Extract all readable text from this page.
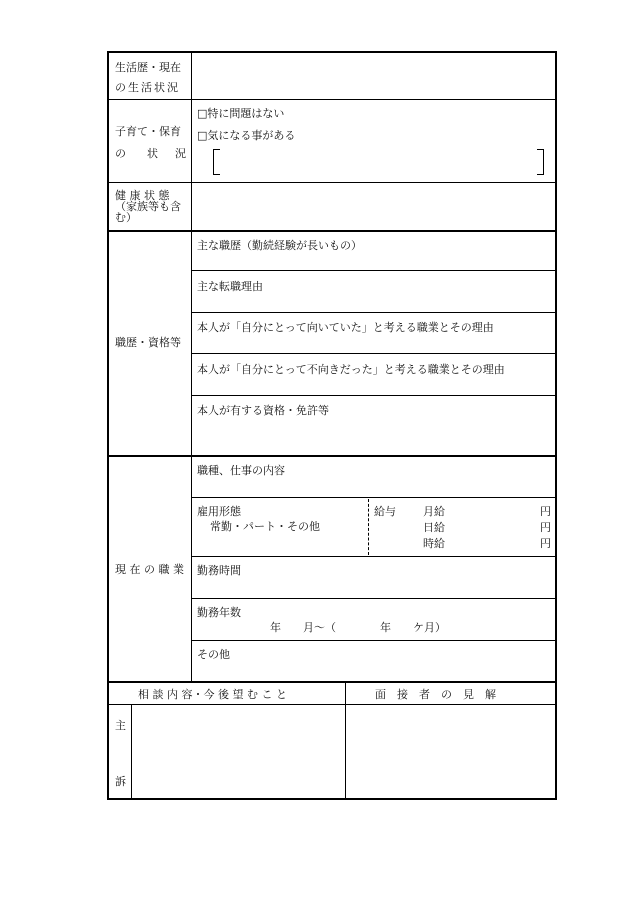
生活歴・現在
の生活状況
子育て・保育
の 状 況
□特に問題はない
□気になる事がある
健 康 状 態
（家族等も含
む）
職歴・資格等
主な職歴（勤続経験が長いもの）
主な転職理由
本人が「自分にとって向いていた」と考える職業とその理由
本人が「自分にとって不向きだった」と考える職業とその理由
本人が有する資格・免許等
現 在 の 職 業
職種、仕事の内容
雇用形態
常勤・パート・その他
給与 月給
日給
時給
円
円
円
勤務時間
勤務年数
年　　月〜（　　　　年　　ケ月）
その他
相 談 内 容・今 後 望 む こ と	面　接　者　の　見　解
主
訴
